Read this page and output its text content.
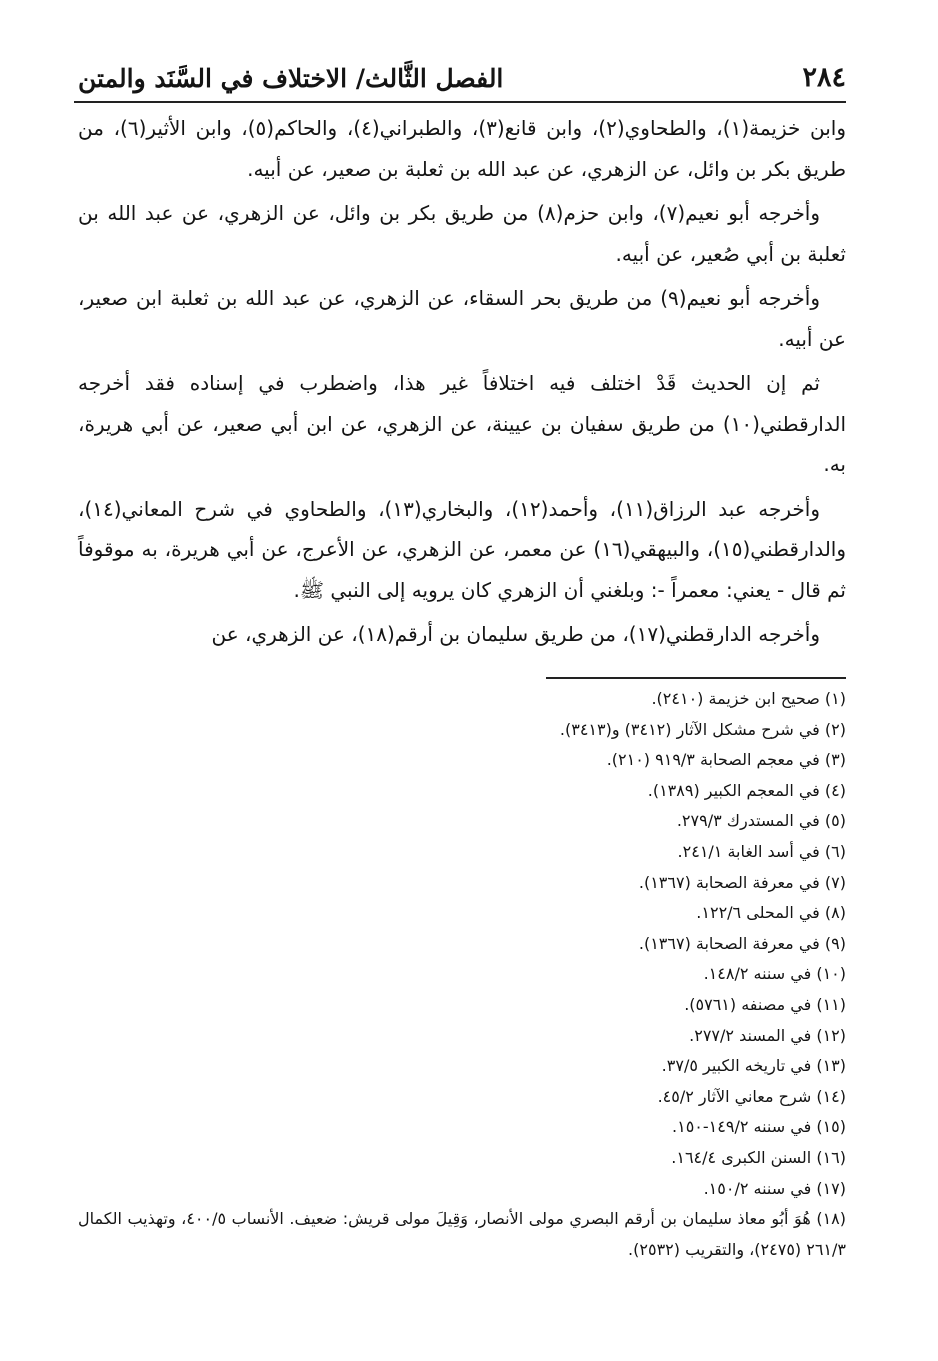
٢٨٤
الفصل الثَّالث/ الاختلاف في السَّنَد والمتن

وابن خزيمة(١)، والطحاوي(٢)، وابن قانع(٣)، والطبراني(٤)، والحاكم(٥)، وابن الأثير(٦)، من طريق بكر بن وائل، عن الزهري، عن عبد الله بن ثعلبة بن صعير، عن أبيه.

وأخرجه أبو نعيم(٧)، وابن حزم(٨) من طريق بكر بن وائل، عن الزهري، عن عبد الله بن ثعلبة بن أبي صُعير، عن أبيه.

وأخرجه أبو نعيم(٩) من طريق بحر السقاء، عن الزهري، عن عبد الله بن ثعلبة ابن صعير، عن أبيه.

ثم إن الحديث قَدْ اختلف فيه اختلافاً غير هذا، واضطرب في إسناده فقد أخرجه الدارقطني(١٠) من طريق سفيان بن عيينة، عن الزهري، عن ابن أبي صعير، عن أبي هريرة، به.

وأخرجه عبد الرزاق(١١)، وأحمد(١٢)، والبخاري(١٣)، والطحاوي في شرح المعاني(١٤)، والدارقطني(١٥)، والبيهقي(١٦) عن معمر، عن الزهري، عن الأعرج، عن أبي هريرة، به موقوفاً ثم قال - يعني: معمراً -: وبلغني أن الزهري كان يرويه إلى النبي ﷺ.

وأخرجه الدارقطني(١٧)، من طريق سليمان بن أرقم(١٨)، عن الزهري، عن

(١) صحيح ابن خزيمة (٢٤١٠).

(٢) في شرح مشكل الآثار (٣٤١٢) و(٣٤١٣).

(٣) في معجم الصحابة ٩١٩/٣ (٢١٠).

(٤) في المعجم الكبير (١٣٨٩).

(٥) في المستدرك ٢٧٩/٣.

(٦) في أسد الغابة ٢٤١/١.

(٧) في معرفة الصحابة (١٣٦٧).

(٨) في المحلى ١٢٢/٦.

(٩) في معرفة الصحابة (١٣٦٧).

(١٠) في سننه ١٤٨/٢.

(١١) في مصنفه (٥٧٦١).

(١٢) في المسند ٢٧٧/٢.

(١٣) في تاريخه الكبير ٣٧/٥.

(١٤) شرح معاني الآثار ٤٥/٢.

(١٥) في سننه ١٤٩/٢-١٥٠.

(١٦) السنن الكبرى ١٦٤/٤.

(١٧) في سننه ١٥٠/٢.

(١٨) هُوَ أبُو معاذ سليمان بن أرقم البصري مولى الأنصار، وَقِيلَ مولى قريش: ضعيف. الأنساب ٤٠٠/٥، وتهذيب الكمال ٢٦١/٣ (٢٤٧٥)، والتقريب (٢٥٣٢).
